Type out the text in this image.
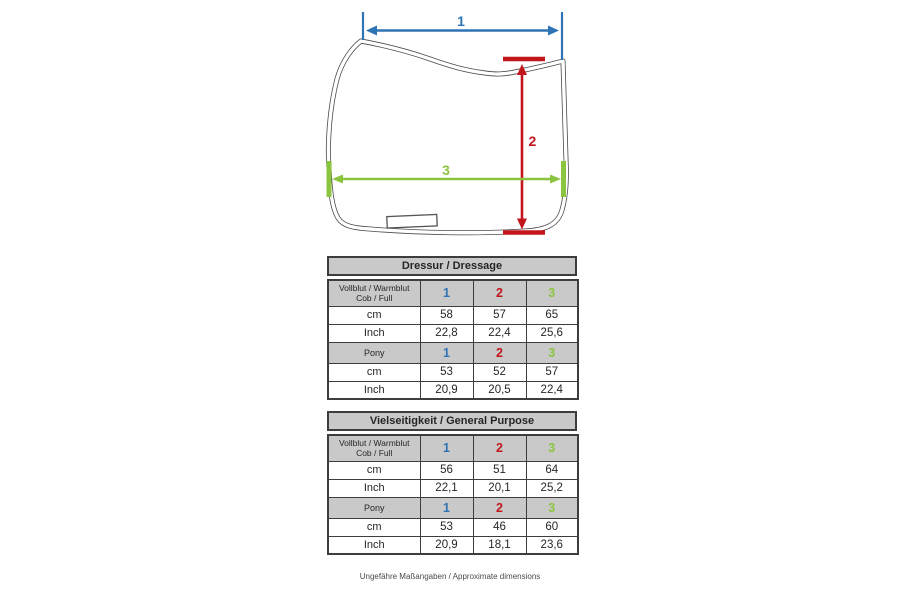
1
2
3
Dressur / Dressage
Vollblut / Warmblut
Cob / Full	1	2	3
cm	58	57	65
Inch	22,8	22,4	25,6
Pony	1	2	3
cm	53	52	57
Inch	20,9	20,5	22,4
Vielseitigkeit / General Purpose
Vollblut / Warmblut
Cob / Full	1	2	3
cm	56	51	64
Inch	22,1	20,1	25,2
Pony	1	2	3
cm	53	46	60
Inch	20,9	18,1	23,6
Ungefähre Maßangaben / Approximate dimensions
